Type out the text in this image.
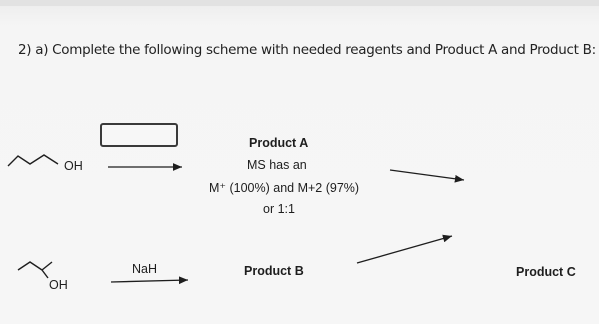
2) a) Complete the following scheme with needed reagents and Product A and Product B:
OH
OH
NaH
Product A
MS has an
M⁺ (100%) and M+2 (97%)
or 1:1
Product B	Product C
